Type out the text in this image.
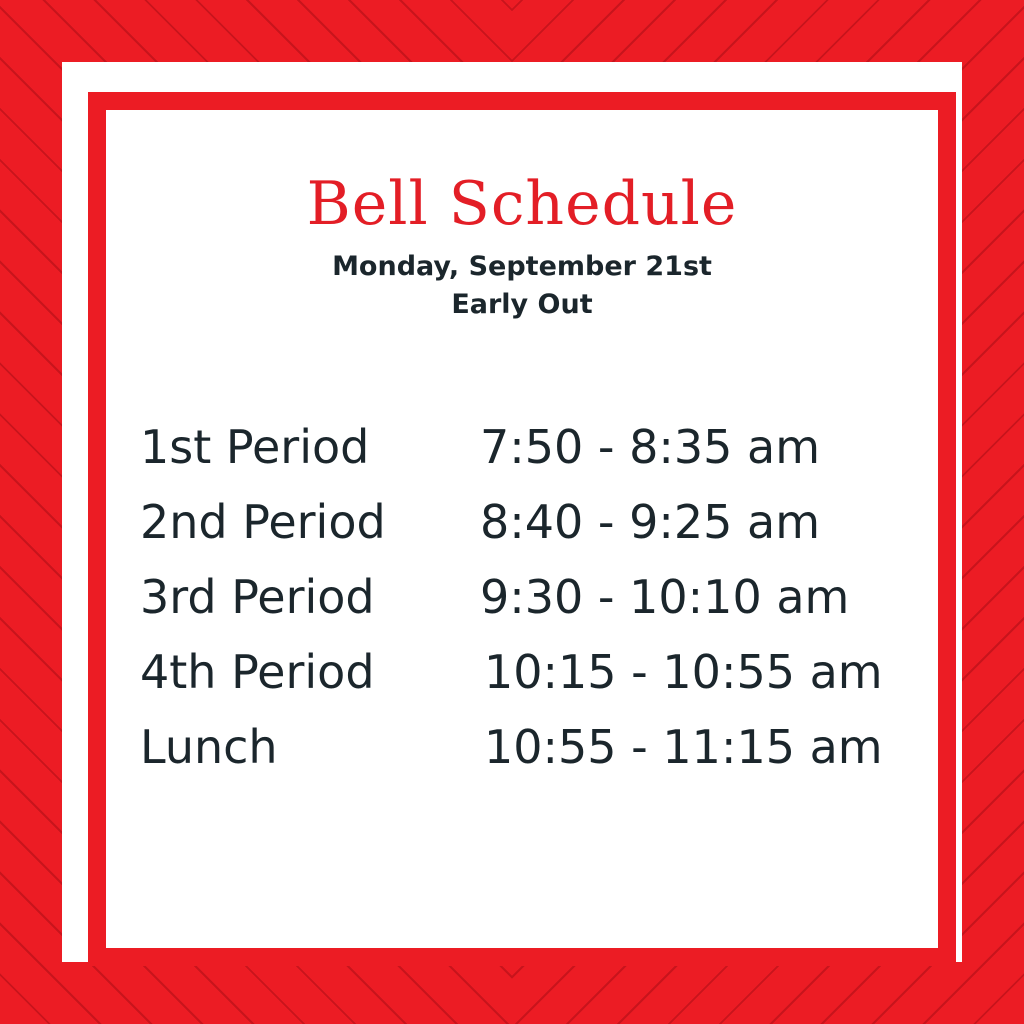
Bell Schedule
Monday, September 21st
Early Out
1st Period 7:50 - 8:35 am
2nd Period 8:40 - 9:25 am
3rd Period 9:30 - 10:10 am
4th Period 10:15 - 10:55 am
Lunch	10:55 - 11:15 am
